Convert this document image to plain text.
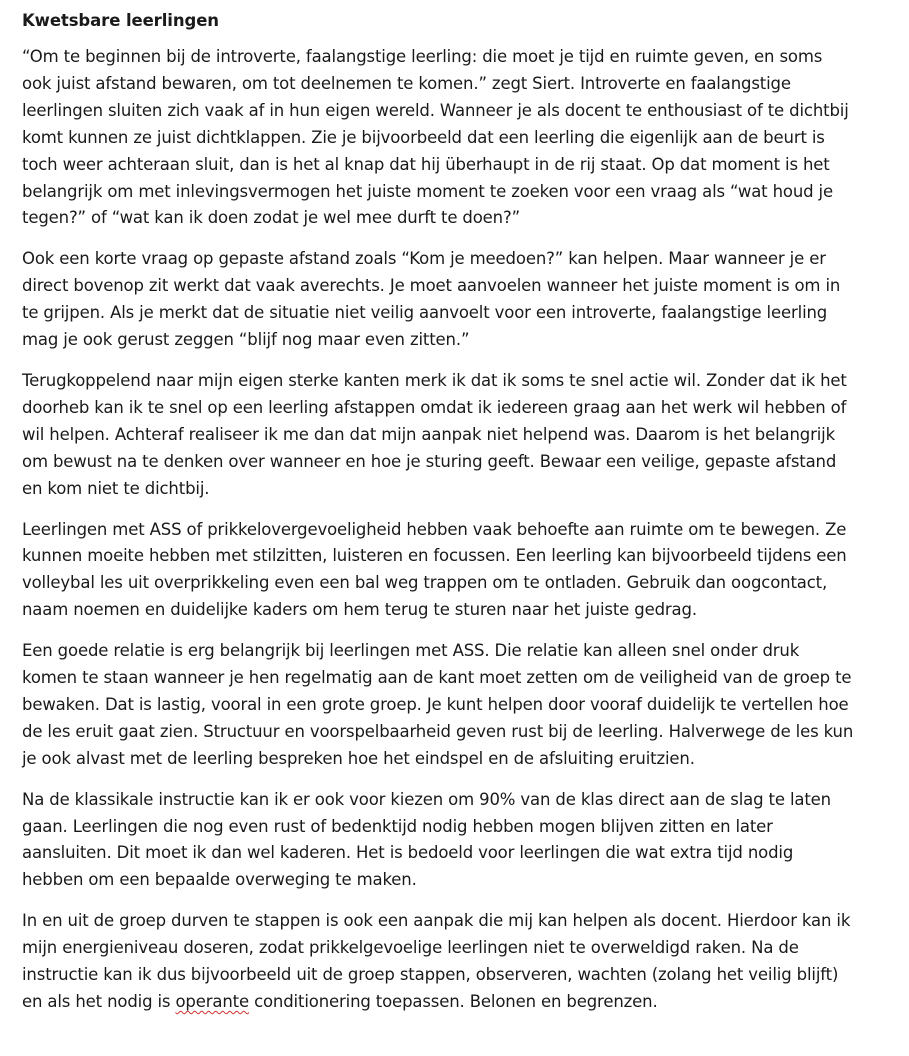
Kwetsbare leerlingen
“Om te beginnen bij de introverte, faalangstige leerling: die moet je tijd en ruimte geven, en soms
ook juist afstand bewaren, om tot deelnemen te komen.” zegt Siert. Introverte en faalangstige
leerlingen sluiten zich vaak af in hun eigen wereld. Wanneer je als docent te enthousiast of te dichtbij
komt kunnen ze juist dichtklappen. Zie je bijvoorbeeld dat een leerling die eigenlijk aan de beurt is
toch weer achteraan sluit, dan is het al knap dat hij überhaupt in de rij staat. Op dat moment is het
belangrijk om met inlevingsvermogen het juiste moment te zoeken voor een vraag als “wat houd je
tegen?” of “wat kan ik doen zodat je wel mee durft te doen?”
Ook een korte vraag op gepaste afstand zoals “Kom je meedoen?” kan helpen. Maar wanneer je er
direct bovenop zit werkt dat vaak averechts. Je moet aanvoelen wanneer het juiste moment is om in
te grijpen. Als je merkt dat de situatie niet veilig aanvoelt voor een introverte, faalangstige leerling
mag je ook gerust zeggen “blijf nog maar even zitten.”
Terugkoppelend naar mijn eigen sterke kanten merk ik dat ik soms te snel actie wil. Zonder dat ik het
doorheb kan ik te snel op een leerling afstappen omdat ik iedereen graag aan het werk wil hebben of
wil helpen. Achteraf realiseer ik me dan dat mijn aanpak niet helpend was. Daarom is het belangrijk
om bewust na te denken over wanneer en hoe je sturing geeft. Bewaar een veilige, gepaste afstand
en kom niet te dichtbij.
Leerlingen met ASS of prikkelovergevoeligheid hebben vaak behoefte aan ruimte om te bewegen. Ze
kunnen moeite hebben met stilzitten, luisteren en focussen. Een leerling kan bijvoorbeeld tijdens een
volleybal les uit overprikkeling even een bal weg trappen om te ontladen. Gebruik dan oogcontact,
naam noemen en duidelijke kaders om hem terug te sturen naar het juiste gedrag.
Een goede relatie is erg belangrijk bij leerlingen met ASS. Die relatie kan alleen snel onder druk
komen te staan wanneer je hen regelmatig aan de kant moet zetten om de veiligheid van de groep te
bewaken. Dat is lastig, vooral in een grote groep. Je kunt helpen door vooraf duidelijk te vertellen hoe
de les eruit gaat zien. Structuur en voorspelbaarheid geven rust bij de leerling. Halverwege de les kun
je ook alvast met de leerling bespreken hoe het eindspel en de afsluiting eruitzien.
Na de klassikale instructie kan ik er ook voor kiezen om 90% van de klas direct aan de slag te laten
gaan. Leerlingen die nog even rust of bedenktijd nodig hebben mogen blijven zitten en later
aansluiten. Dit moet ik dan wel kaderen. Het is bedoeld voor leerlingen die wat extra tijd nodig
hebben om een bepaalde overweging te maken.
In en uit de groep durven te stappen is ook een aanpak die mij kan helpen als docent. Hierdoor kan ik
mijn energieniveau doseren, zodat prikkelgevoelige leerlingen niet te overweldigd raken. Na de
instructie kan ik dus bijvoorbeeld uit de groep stappen, observeren, wachten (zolang het veilig blijft)
en als het nodig is operante conditionering toepassen. Belonen en begrenzen.
